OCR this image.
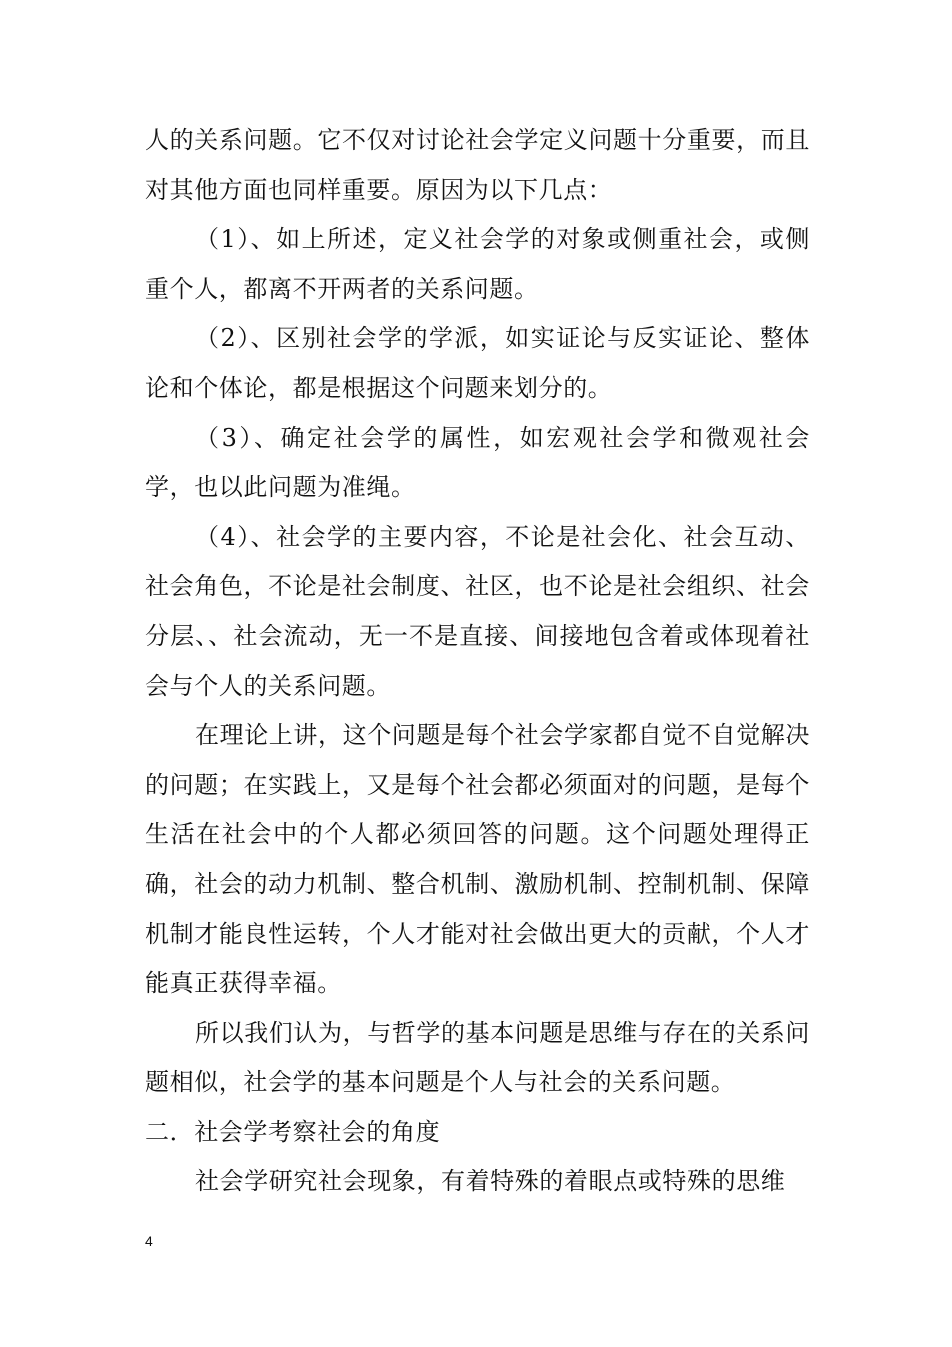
人的关系问题。它不仅对讨论社会学定义问题十分重要，而且对其他方面也同样重要。原因为以下几点：

（1）、如上所述，定义社会学的对象或侧重社会，或侧重个人，都离不开两者的关系问题。

（2）、区别社会学的学派，如实证论与反实证论、整体论和个体论，都是根据这个问题来划分的。

（3）、确定社会学的属性，如宏观社会学和微观社会学，也以此问题为准绳。

（4）、社会学的主要内容，不论是社会化、社会互动、社会角色，不论是社会制度、社区，也不论是社会组织、社会分层、、社会流动，无一不是直接、间接地包含着或体现着社会与个人的关系问题。

在理论上讲，这个问题是每个社会学家都自觉不自觉解决的问题；在实践上，又是每个社会都必须面对的问题，是每个生活在社会中的个人都必须回答的问题。这个问题处理得正确，社会的动力机制、整合机制、激励机制、控制机制、保障机制才能良性运转，个人才能对社会做出更大的贡献，个人才能真正获得幸福。

所以我们认为，与哲学的基本问题是思维与存在的关系问题相似，社会学的基本问题是个人与社会的关系问题。

二．社会学考察社会的角度

社会学研究社会现象，有着特殊的着眼点或特殊的思维

4
